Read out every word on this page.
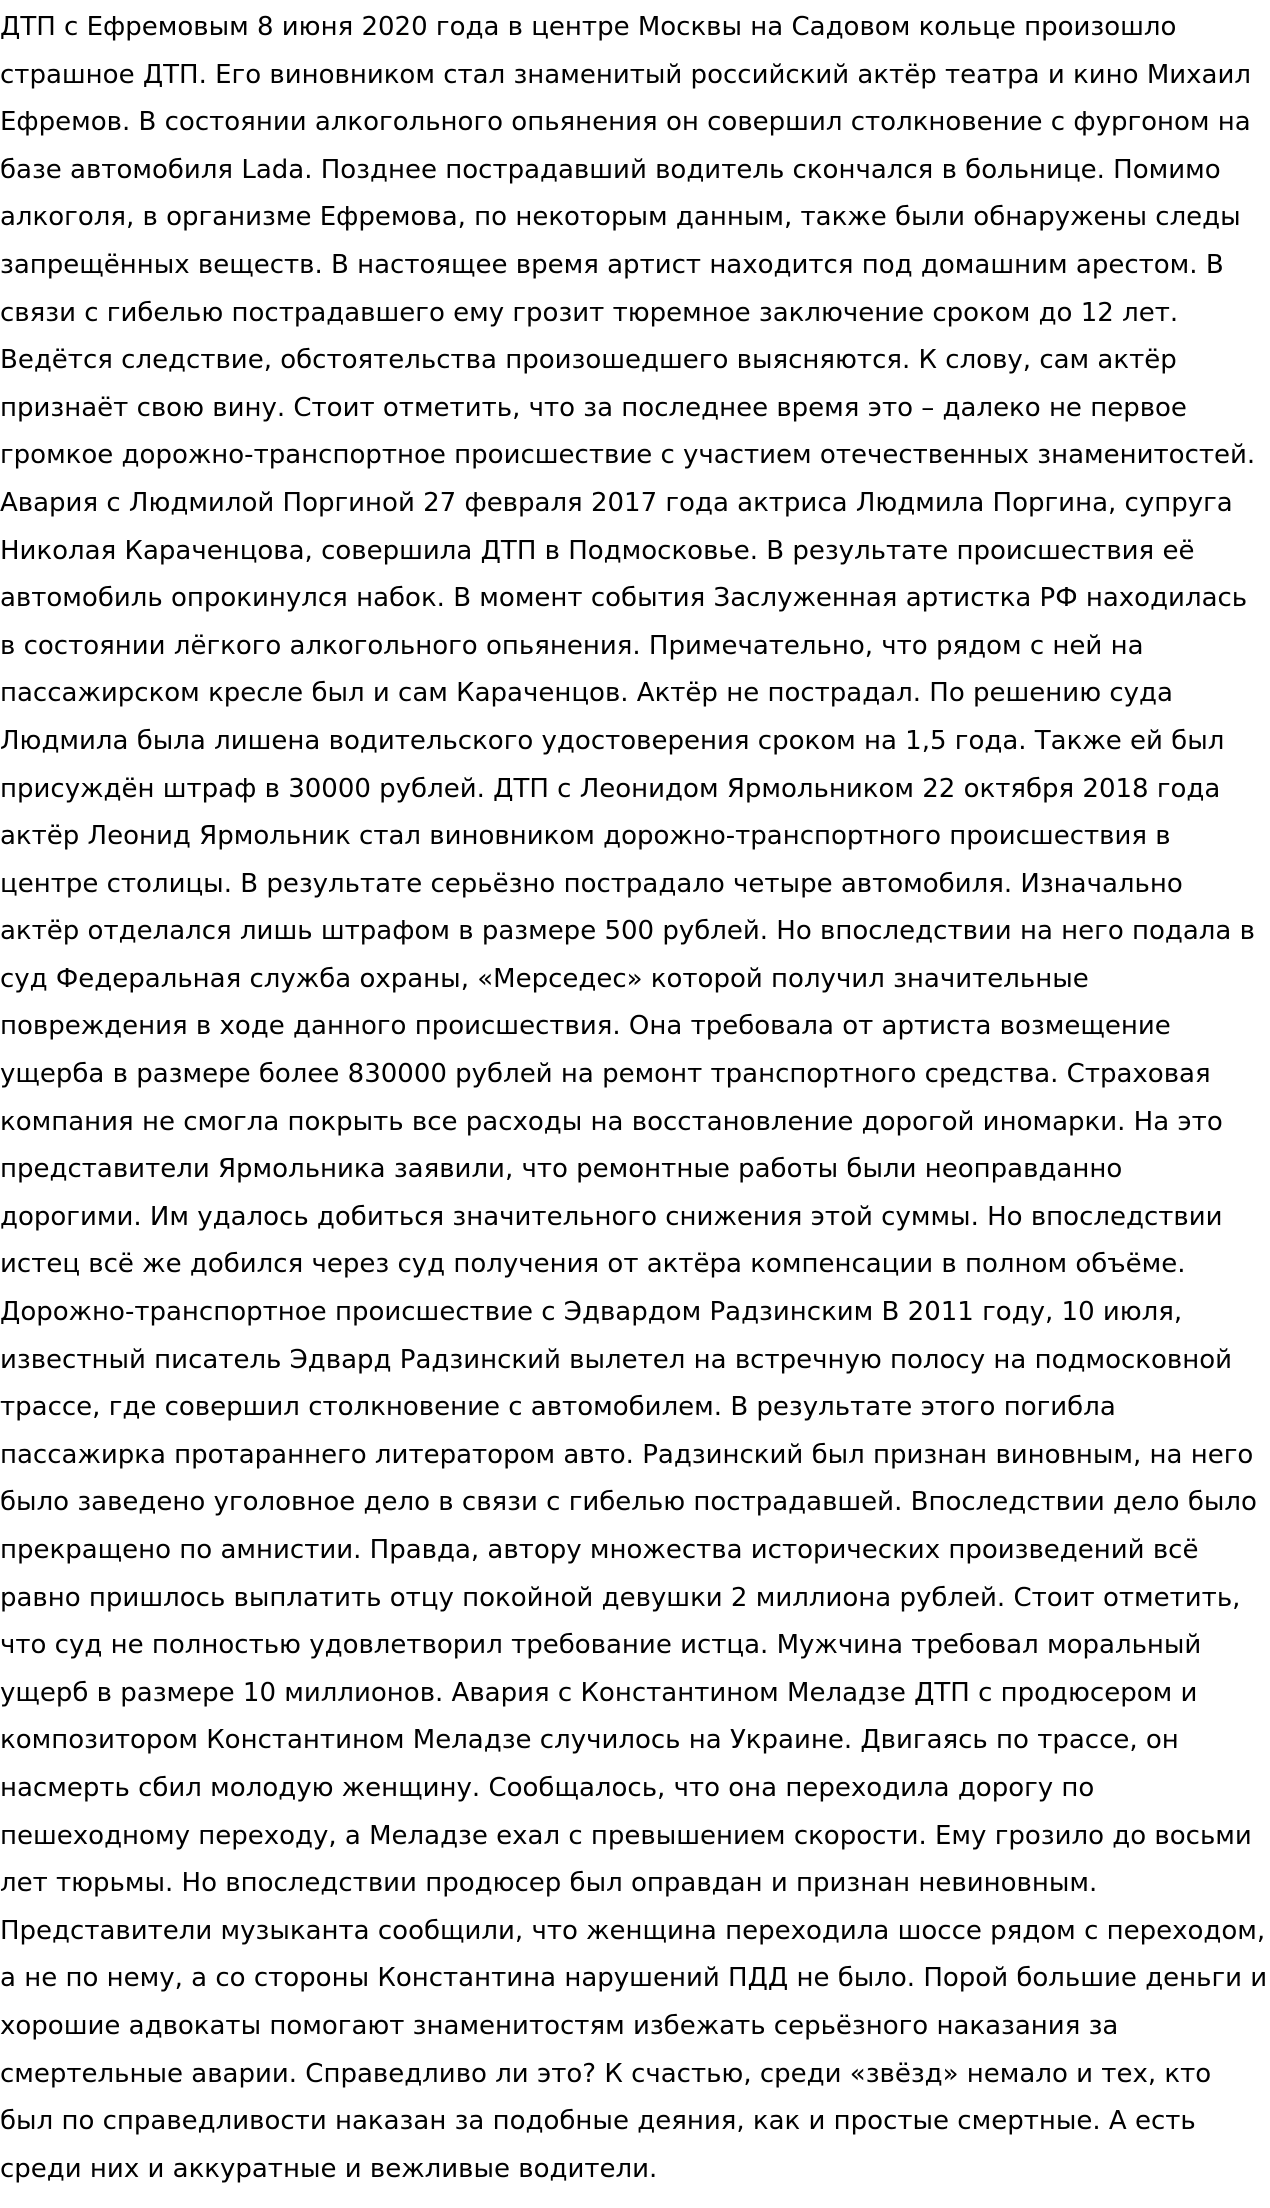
ДТП с Ефремовым 8 июня 2020 года в центре Москвы на Садовом кольце произошло страшное ДТП. Его виновником стал знаменитый российский актёр театра и кино Михаил Ефремов. В состоянии алкогольного опьянения он совершил столкновение с фургоном на базе автомобиля Lada. Позднее пострадавший водитель скончался в больнице. Помимо алкоголя, в организме Ефремова, по некоторым данным, также были обнаружены следы запрещённых веществ. В настоящее время артист находится под домашним арестом. В связи с гибелью пострадавшего ему грозит тюремное заключение сроком до 12 лет. Ведётся следствие, обстоятельства произошедшего выясняются. К слову, сам актёр признаёт свою вину. Стоит отметить, что за последнее время это – далеко не первое громкое дорожно-транспортное происшествие с участием отечественных знаменитостей. Авария с Людмилой Поргиной 27 февраля 2017 года актриса Людмила Поргина, супруга Николая Караченцова, совершила ДТП в Подмосковье. В результате происшествия её автомобиль опрокинулся набок. В момент события Заслуженная артистка РФ находилась в состоянии лёгкого алкогольного опьянения. Примечательно, что рядом с ней на пассажирском кресле был и сам Караченцов. Актёр не пострадал. По решению суда Людмила была лишена водительского удостоверения сроком на 1,5 года. Также ей был присуждён штраф в 30000 рублей. ДТП с Леонидом Ярмольником 22 октября 2018 года актёр Леонид Ярмольник стал виновником дорожно-транспортного происшествия в центре столицы. В результате серьёзно пострадало четыре автомобиля. Изначально актёр отделался лишь штрафом в размере 500 рублей. Но впоследствии на него подала в суд Федеральная служба охраны, «Мерседес» которой получил значительные повреждения в ходе данного происшествия. Она требовала от артиста возмещение ущерба в размере более 830000 рублей на ремонт транспортного средства. Страховая компания не смогла покрыть все расходы на восстановление дорогой иномарки. На это представители Ярмольника заявили, что ремонтные работы были неоправданно дорогими. Им удалось добиться значительного снижения этой суммы. Но впоследствии истец всё же добился через суд получения от актёра компенсации в полном объёме. Дорожно-транспортное происшествие с Эдвардом Радзинским В 2011 году, 10 июля, известный писатель Эдвард Радзинский вылетел на встречную полосу на подмосковной трассе, где совершил столкновение с автомобилем. В результате этого погибла пассажирка протараннего литератором авто. Радзинский был признан виновным, на него было заведено уголовное дело в связи с гибелью пострадавшей. Впоследствии дело было прекращено по амнистии. Правда, автору множества исторических произведений всё равно пришлось выплатить отцу покойной девушки 2 миллиона рублей. Стоит отметить, что суд не полностью удовлетворил требование истца. Мужчина требовал моральный ущерб в размере 10 миллионов. Авария с Константином Меладзе ДТП с продюсером и композитором Константином Меладзе случилось на Украине. Двигаясь по трассе, он насмерть сбил молодую женщину. Сообщалось, что она переходила дорогу по пешеходному переходу, а Меладзе ехал с превышением скорости. Ему грозило до восьми лет тюрьмы. Но впоследствии продюсер был оправдан и признан невиновным. Представители музыканта сообщили, что женщина переходила шоссе рядом с переходом, а не по нему, а со стороны Константина нарушений ПДД не было. Порой большие деньги и хорошие адвокаты помогают знаменитостям избежать серьёзного наказания за смертельные аварии. Справедливо ли это? К счастью, среди «звёзд» немало и тех, кто был по справедливости наказан за подобные деяния, как и простые смертные. А есть среди них и аккуратные и вежливые водители.
